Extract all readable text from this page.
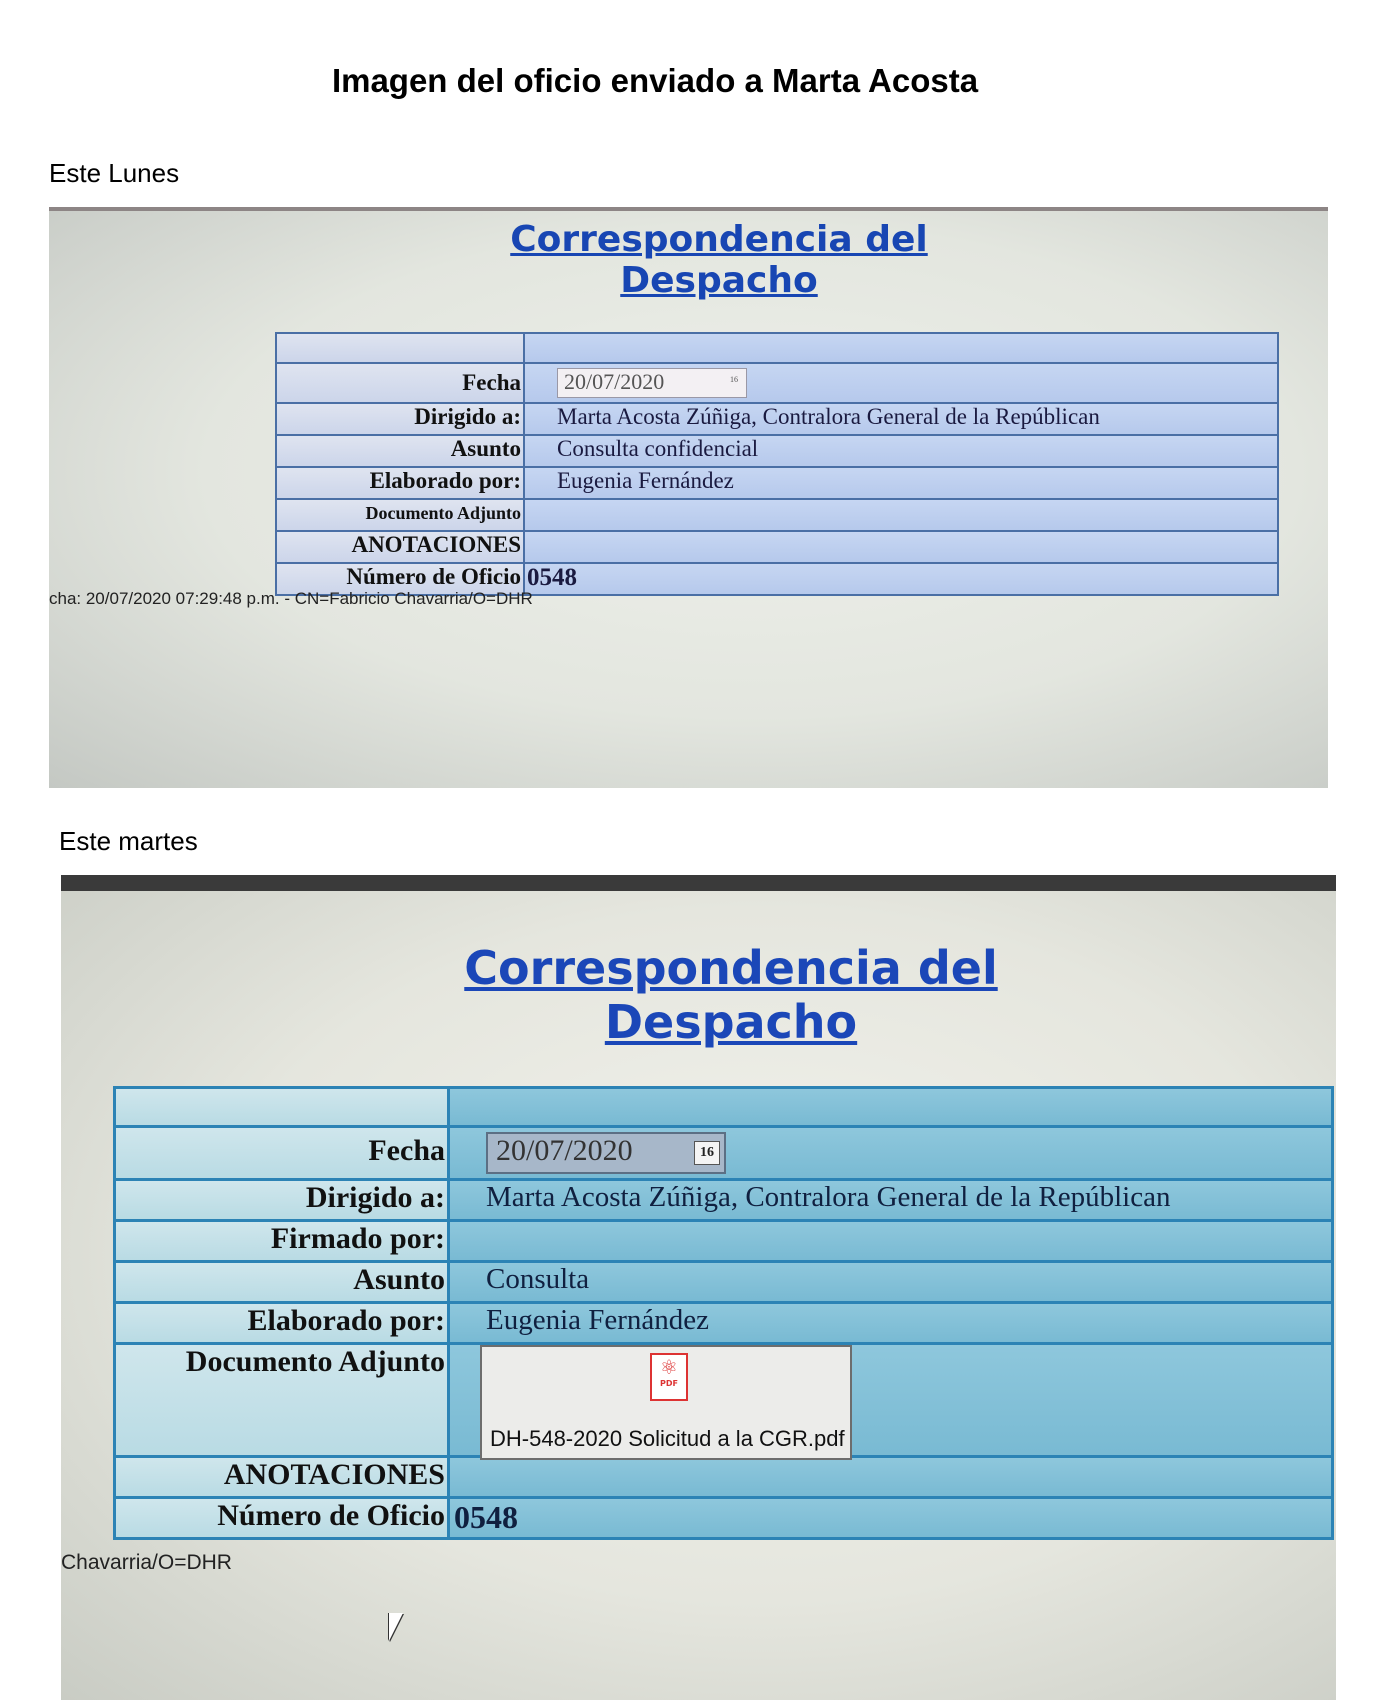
Imagen del oficio enviado a Marta Acosta
Este Lunes
Correspondencia del Despacho
Fecha	20/07/2020	16
Dirigido a:	Marta Acosta Zúñiga, Contralora General de la Repúblican
Asunto	Consulta confidencial
Elaborado por:	Eugenia Fernández
Documento Adjunto
ANOTACIONES
Número de Oficio 0548
cha: 20/07/2020 07:29:48 p.m. - CN=Fabricio Chavarria/O=DHR
Este martes
Correspondencia del Despacho
Fecha	20/07/2020	16
Dirigido a:	Marta Acosta Zúñiga, Contralora General de la Repúblican
Firmado por:
Asunto	Consulta
Elaborado por:	Eugenia Fernández
Documento Adjunto	⚛
PDF
DH-548-2020 Solicitud a la CGR.pdf
ANOTACIONES
Número de Oficio 0548
Chavarria/O=DHR
